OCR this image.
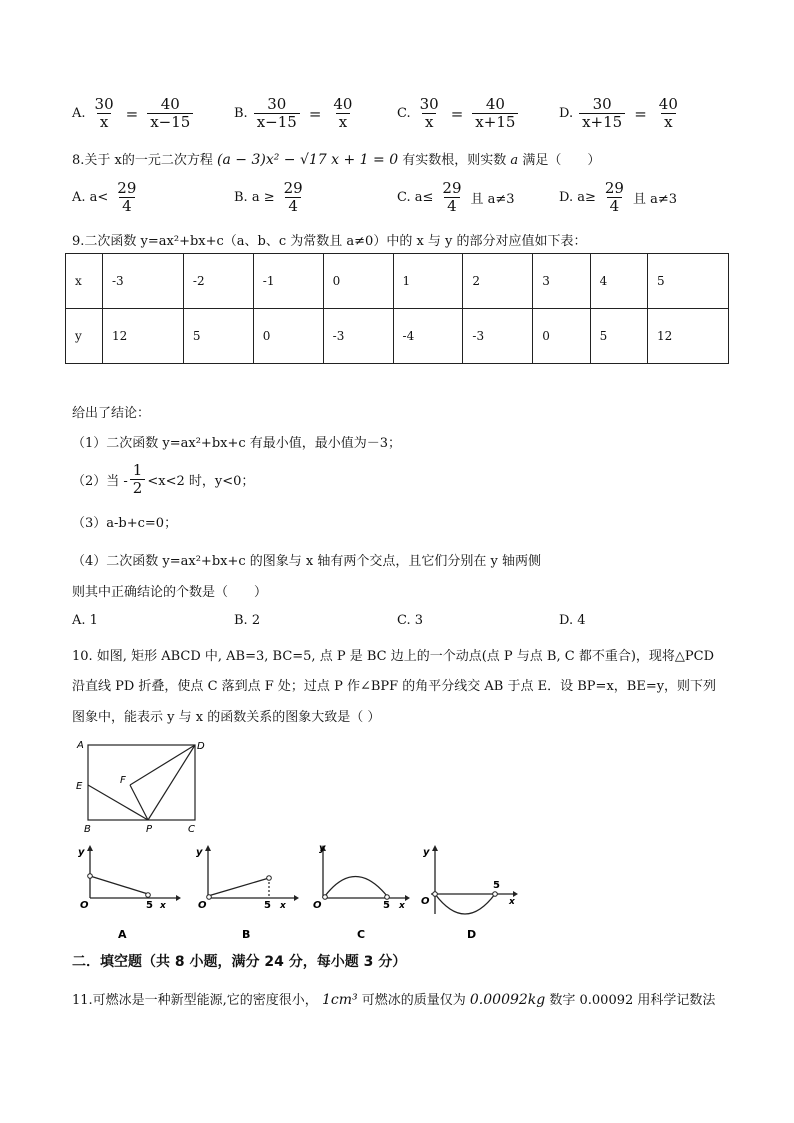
A. $\frac{30}{x} = \frac{40}{x-15}$	B. $\frac{30}{x-15} = \frac{40}{x}$	C. $\frac{30}{x} = \frac{40}{x+15}$	D. $\frac{30}{x+15} = \frac{40}{x}$
8.关于 x的一元二次方程 (a − 3)x² − √17 x + 1 = 0 有实数根，则实数 a 满足（　　）
A. $a< \frac{29}{4}$	B. $a \ge \frac{29}{4}$	C. $a\le \frac{29}{4}$ 且 a≠3	D. $a\ge \frac{29}{4}$ 且 a≠3
9.二次函数 y=ax²+bx+c（a、b、c 为常数且 a≠0）中的 x 与 y 的部分对应值如下表：
x	-3	-2	-1	0	1	2	3	4	5
y	12	5	0	-3	-4	-3	0	5	12
给出了结论：
（1）二次函数 y=ax²+bx+c 有最小值，最小值为－3；
（2）当 - $\frac{1}{2} <x<2$ 时，y<0；
（3）a-b+c=0；
（4）二次函数 y=ax²+bx+c 的图象与 x 轴有两个交点，且它们分别在 y 轴两侧
则其中正确结论的个数是（　　）
A. 1	B. 2	C. 3	D. 4
10. 如图, 矩形 ABCD 中, AB=3, BC=5, 点 P 是 BC 边上的一个动点(点 P 与点 B, C 都不重合)，现将△PCD
沿直线 PD 折叠，使点 C 落到点 F 处；过点 P 作∠BPF 的角平分线交 AB 于点 E．设 BP=x，BE=y，则下列
图象中，能表示 y 与 x 的函数关系的图象大致是（ ）
A	D
E
F
B	P	C
y
O	5 x
A
y
O	5 x
B
y
O	5 x
C
y
O
5
x
D
二．填空题（共 8 小题，满分 24 分，每小题 3 分）
11.可燃冰是一种新型能源,它的密度很小， 1cm³ 可燃冰的质量仅为 0.00092kg 数字 0.00092 用科学记数法
